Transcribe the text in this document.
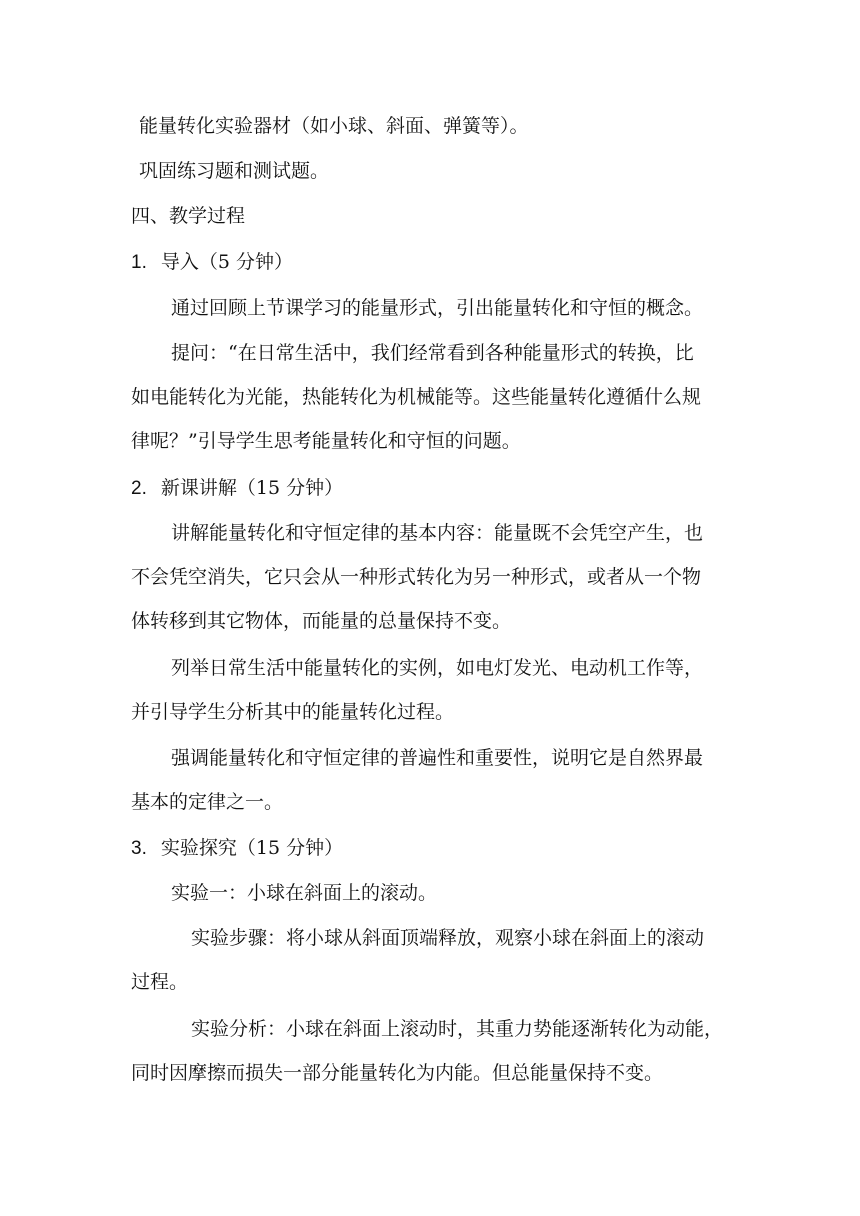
能量转化实验器材（如小球、斜面、弹簧等）。

巩固练习题和测试题。

四、教学过程

1. 导入（5 分钟）

通过回顾上节课学习的能量形式，引出能量转化和守恒的概念。

提问：“在日常生活中，我们经常看到各种能量形式的转换，比
如电能转化为光能，热能转化为机械能等。这些能量转化遵循什么规
律呢？”引导学生思考能量转化和守恒的问题。

2. 新课讲解（15 分钟）

讲解能量转化和守恒定律的基本内容：能量既不会凭空产生，也
不会凭空消失，它只会从一种形式转化为另一种形式，或者从一个物
体转移到其它物体，而能量的总量保持不变。
列举日常生活中能量转化的实例，如电灯发光、电动机工作等，
并引导学生分析其中的能量转化过程。
强调能量转化和守恒定律的普遍性和重要性，说明它是自然界最
基本的定律之一。

3. 实验探究（15 分钟）

实验一：小球在斜面上的滚动。

实验步骤：将小球从斜面顶端释放，观察小球在斜面上的滚动
过程。
实验分析：小球在斜面上滚动时，其重力势能逐渐转化为动能，
同时因摩擦而损失一部分能量转化为内能。但总能量保持不变。
